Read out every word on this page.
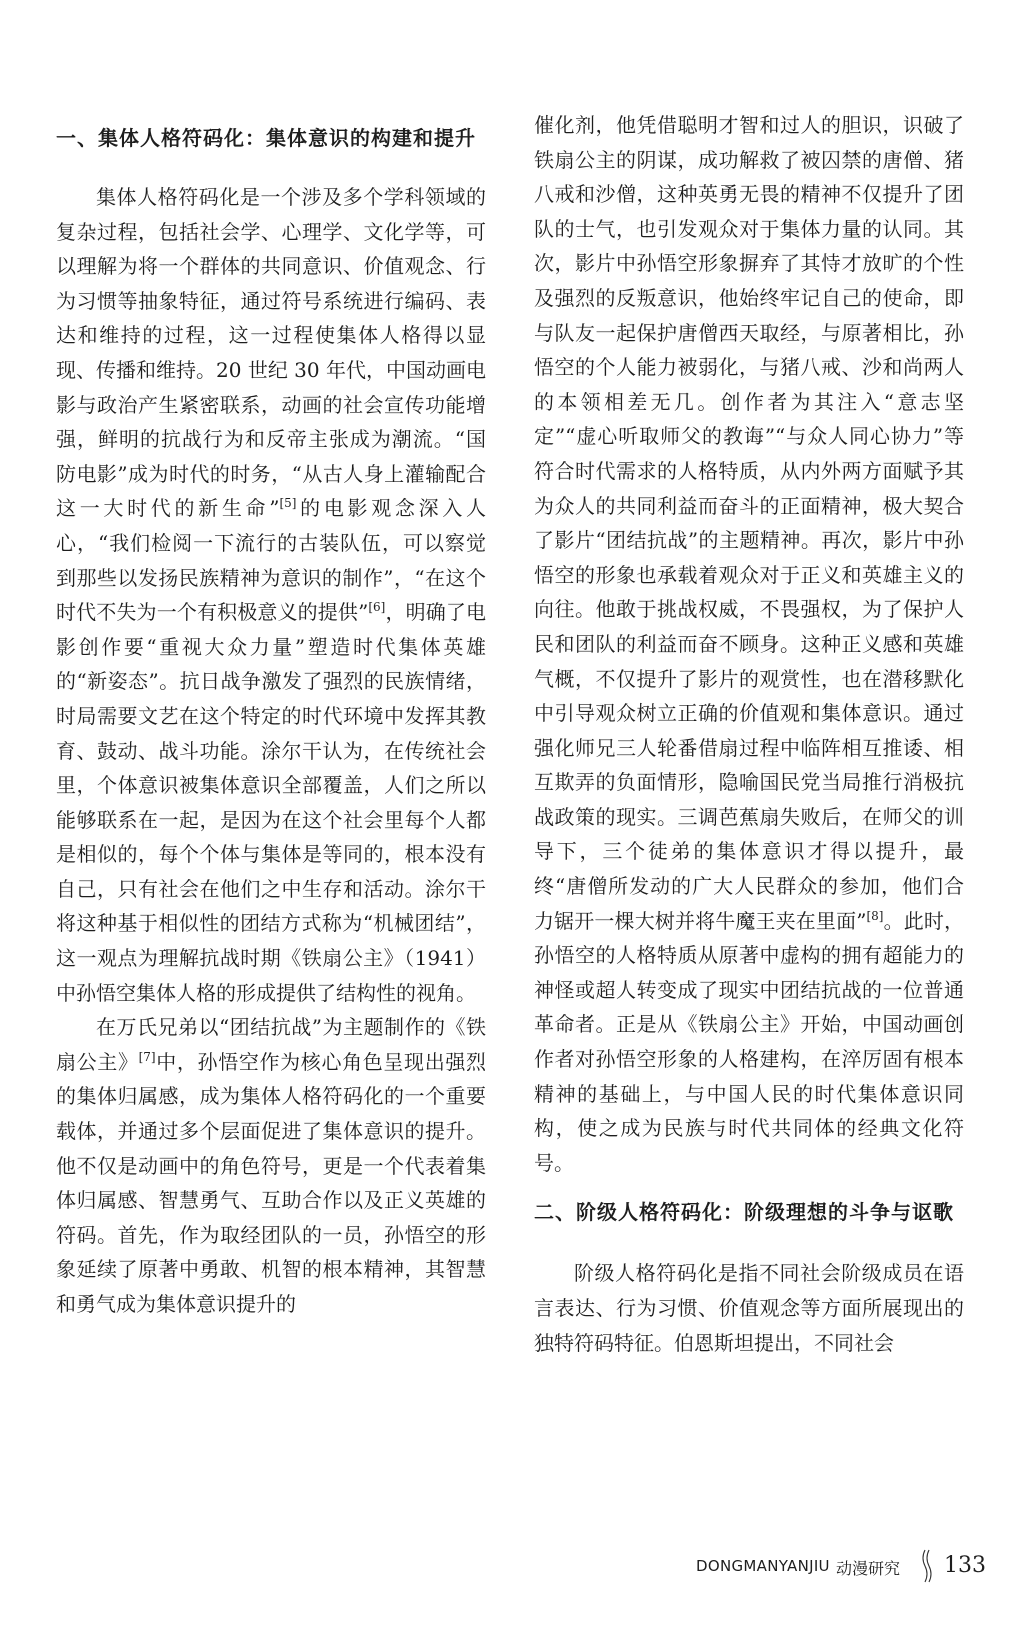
一、集体人格符码化：集体意识的构建和提升

集体人格符码化是一个涉及多个学科领域的复杂过程，包括社会学、心理学、文化学等，可以理解为将一个群体的共同意识、价值观念、行为习惯等抽象特征，通过符号系统进行编码、表达和维持的过程，这一过程使集体人格得以显现、传播和维持。20 世纪 30 年代，中国动画电影与政治产生紧密联系，动画的社会宣传功能增强，鲜明的抗战行为和反帝主张成为潮流。“国防电影”成为时代的时务，“从古人身上灌输配合这一大时代的新生命”[5]的电影观念深入人心，“我们检阅一下流行的古装队伍，可以察觉到那些以发扬民族精神为意识的制作”，“在这个时代不失为一个有积极意义的提供”[6]，明确了电影创作要“重视大众力量”塑造时代集体英雄的“新姿态”。抗日战争激发了强烈的民族情绪，时局需要文艺在这个特定的时代环境中发挥其教育、鼓动、战斗功能。涂尔干认为，在传统社会里，个体意识被集体意识全部覆盖，人们之所以能够联系在一起，是因为在这个社会里每个人都是相似的，每个个体与集体是等同的，根本没有自己，只有社会在他们之中生存和活动。涂尔干将这种基于相似性的团结方式称为“机械团结”，这一观点为理解抗战时期《铁扇公主》（1941）中孙悟空集体人格的形成提供了结构性的视角。

在万氏兄弟以“团结抗战”为主题制作的《铁扇公主》[7]中，孙悟空作为核心角色呈现出强烈的集体归属感，成为集体人格符码化的一个重要载体，并通过多个层面促进了集体意识的提升。他不仅是动画中的角色符号，更是一个代表着集体归属感、智慧勇气、互助合作以及正义英雄的符码。首先，作为取经团队的一员，孙悟空的形象延续了原著中勇敢、机智的根本精神，其智慧和勇气成为集体意识提升的

催化剂，他凭借聪明才智和过人的胆识，识破了铁扇公主的阴谋，成功解救了被囚禁的唐僧、猪八戒和沙僧，这种英勇无畏的精神不仅提升了团队的士气，也引发观众对于集体力量的认同。其次，影片中孙悟空形象摒弃了其恃才放旷的个性及强烈的反叛意识，他始终牢记自己的使命，即与队友一起保护唐僧西天取经，与原著相比，孙悟空的个人能力被弱化，与猪八戒、沙和尚两人的本领相差无几。创作者为其注入“意志坚定”“虚心听取师父的教诲”“与众人同心协力”等符合时代需求的人格特质，从内外两方面赋予其为众人的共同利益而奋斗的正面精神，极大契合了影片“团结抗战”的主题精神。再次，影片中孙悟空的形象也承载着观众对于正义和英雄主义的向往。他敢于挑战权威，不畏强权，为了保护人民和团队的利益而奋不顾身。这种正义感和英雄气概，不仅提升了影片的观赏性，也在潜移默化中引导观众树立正确的价值观和集体意识。通过强化师兄三人轮番借扇过程中临阵相互推诿、相互欺弄的负面情形，隐喻国民党当局推行消极抗战政策的现实。三调芭蕉扇失败后，在师父的训导下，三个徒弟的集体意识才得以提升，最终“唐僧所发动的广大人民群众的参加，他们合力锯开一棵大树并将牛魔王夹在里面”[8]。此时，孙悟空的人格特质从原著中虚构的拥有超能力的神怪或超人转变成了现实中团结抗战的一位普通革命者。正是从《铁扇公主》开始，中国动画创作者对孙悟空形象的人格建构，在淬厉固有根本精神的基础上，与中国人民的时代集体意识同构，使之成为民族与时代共同体的经典文化符号。

二、阶级人格符码化：阶级理想的斗争与讴歌

阶级人格符码化是指不同社会阶级成员在语言表达、行为习惯、价值观念等方面所展现出的独特符码特征。伯恩斯坦提出，不同社会

DONGMANYANJIU 动漫研究 133
